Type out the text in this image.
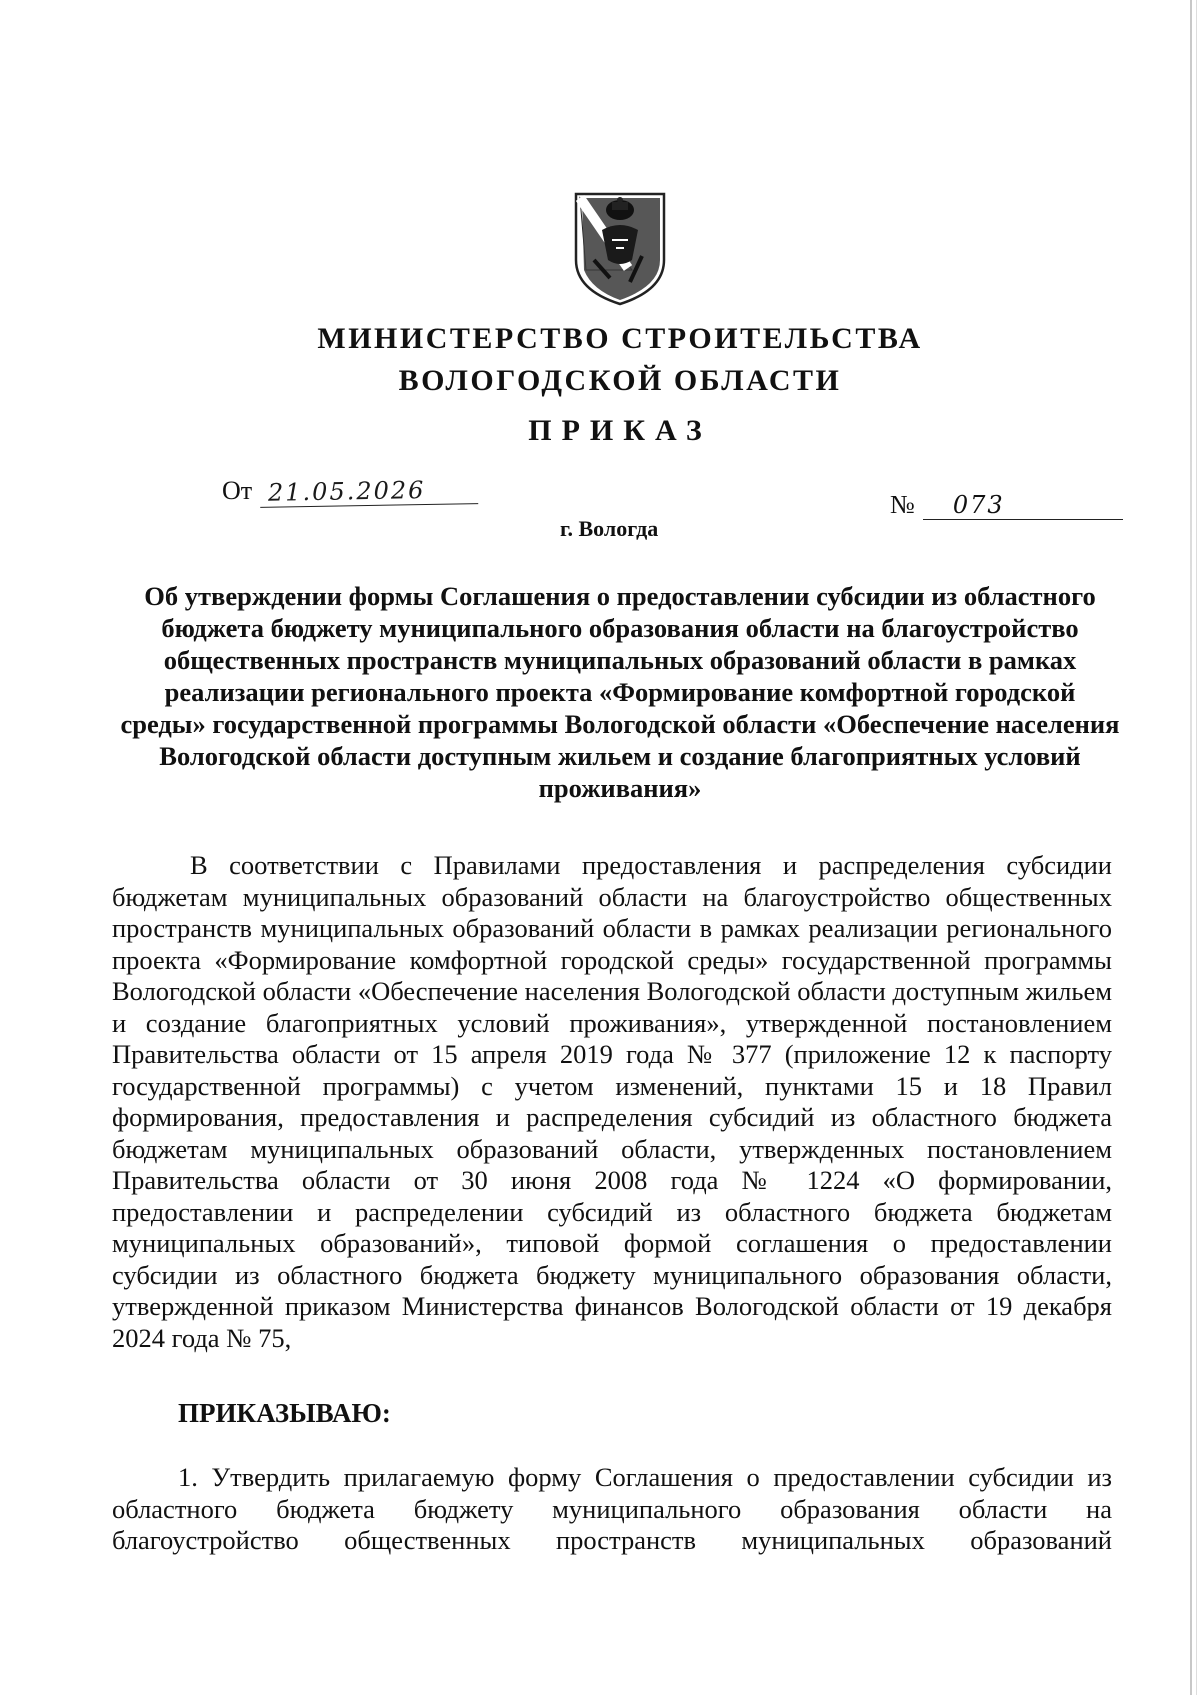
МИНИСТЕРСТВО СТРОИТЕЛЬСТВА
ВОЛОГОДСКОЙ ОБЛАСТИ
ПРИКАЗ
От 21.05.2026	№	073
г. Вологда
Об утверждении формы Соглашения о предоставлении субсидии из областного бюджета бюджету муниципального образования области на благоустройство общественных пространств муниципальных образований области в рамках реализации регионального проекта «Формирование комфортной городской среды» государственной программы Вологодской области «Обеспечение населения Вологодской области доступным жильем и создание благоприятных условий проживания»
В соответствии с Правилами предоставления и распределения субсидии бюджетам муниципальных образований области на благоустройство общественных пространств муниципальных образований области в рамках реализации регионального проекта «Формирование комфортной городской среды» государственной программы Вологодской области «Обеспечение населения Вологодской области доступным жильем и создание благоприятных условий проживания», утвержденной постановлением Правительства области от 15 апреля 2019 года № 377 (приложение 12 к паспорту государственной программы) с учетом изменений, пунктами 15 и 18 Правил формирования, предоставления и распределения субсидий из областного бюджета бюджетам муниципальных образований области, утвержденных постановлением Правительства области от 30 июня 2008 года № 1224 «О формировании, предоставлении и распределении субсидий из областного бюджета бюджетам муниципальных образований», типовой формой соглашения о предоставлении субсидии из областного бюджета бюджету муниципального образования области, утвержденной приказом Министерства финансов Вологодской области от 19 декабря 2024 года № 75,
ПРИКАЗЫВАЮ:
1. Утвердить прилагаемую форму Соглашения о предоставлении субсидии из областного бюджета бюджету муниципального образования области на благоустройство общественных пространств муниципальных образований
